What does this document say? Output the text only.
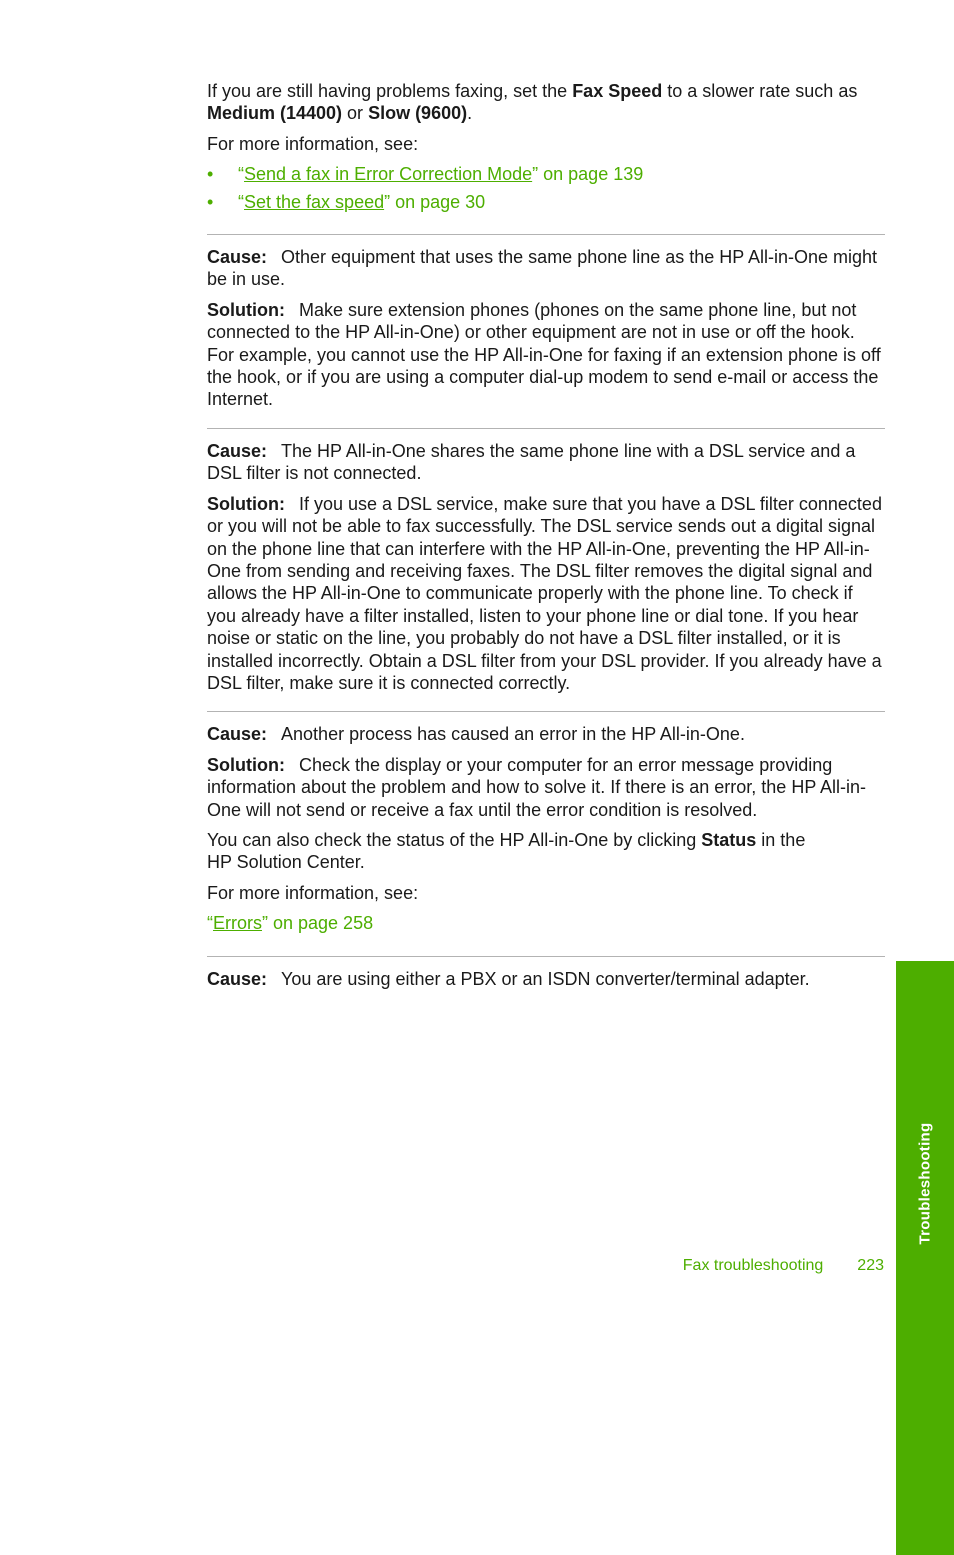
If you are still having problems faxing, set the Fax Speed to a slower rate such as
Medium (14400) or Slow (9600).

For more information, see:

• “Send a fax in Error Correction Mode” on page 139
• “Set the fax speed” on page 30

Cause: Other equipment that uses the same phone line as the HP All-in-One might be in use.

Solution: Make sure extension phones (phones on the same phone line, but not connected to the HP All-in-One) or other equipment are not in use or off the hook. For example, you cannot use the HP All-in-One for faxing if an extension phone is off the hook, or if you are using a computer dial-up modem to send e-mail or access the Internet.

Cause: The HP All-in-One shares the same phone line with a DSL service and a DSL filter is not connected.

Solution: If you use a DSL service, make sure that you have a DSL filter connected or you will not be able to fax successfully. The DSL service sends out a digital signal on the phone line that can interfere with the HP All-in-One, preventing the HP All-in-One from sending and receiving faxes. The DSL filter removes the digital signal and allows the HP All-in-One to communicate properly with the phone line. To check if you already have a filter installed, listen to your phone line or dial tone. If you hear noise or static on the line, you probably do not have a DSL filter installed, or it is installed incorrectly. Obtain a DSL filter from your DSL provider. If you already have a DSL filter, make sure it is connected correctly.

Cause: Another process has caused an error in the HP All-in-One.

Solution: Check the display or your computer for an error message providing information about the problem and how to solve it. If there is an error, the HP All-in-One will not send or receive a fax until the error condition is resolved.

You can also check the status of the HP All-in-One by clicking Status in the
HP Solution Center.

For more information, see:

“Errors” on page 258

Cause: You are using either a PBX or an ISDN converter/terminal adapter.

Troubleshooting
Fax troubleshooting 223
